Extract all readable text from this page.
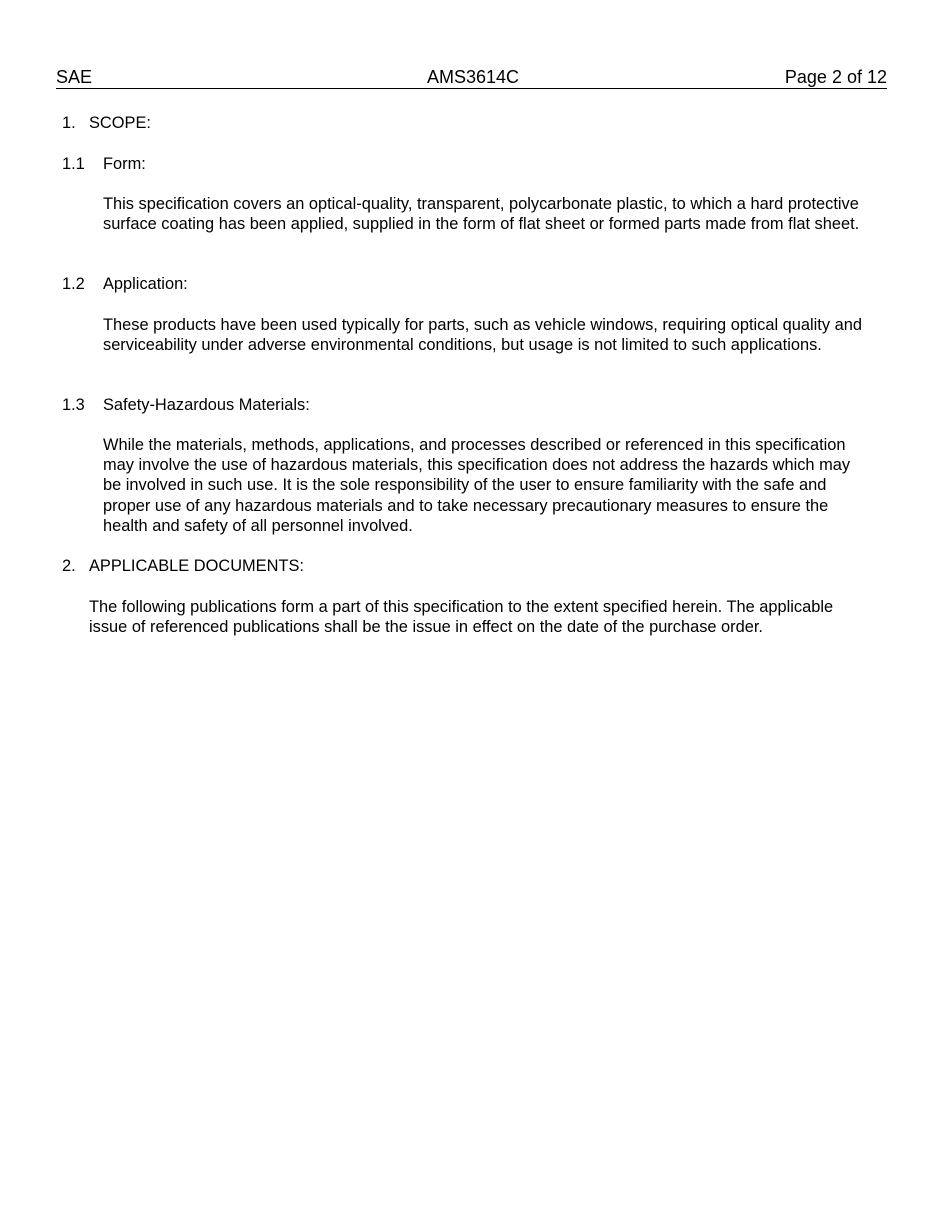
SAE	AMS3614C	Page 2 of 12
1. SCOPE:
1.1 Form:
This specification covers an optical-quality, transparent, polycarbonate plastic, to which a hard protective surface coating has been applied, supplied in the form of flat sheet or formed parts made from flat sheet.
1.2 Application:
These products have been used typically for parts, such as vehicle windows, requiring optical quality and serviceability under adverse environmental conditions, but usage is not limited to such applications.
1.3 Safety-Hazardous Materials:
While the materials, methods, applications, and processes described or referenced in this specification may involve the use of hazardous materials, this specification does not address the hazards which may be involved in such use. It is the sole responsibility of the user to ensure familiarity with the safe and proper use of any hazardous materials and to take necessary precautionary measures to ensure the health and safety of all personnel involved.
2. APPLICABLE DOCUMENTS:
The following publications form a part of this specification to the extent specified herein. The applicable issue of referenced publications shall be the issue in effect on the date of the purchase order.
